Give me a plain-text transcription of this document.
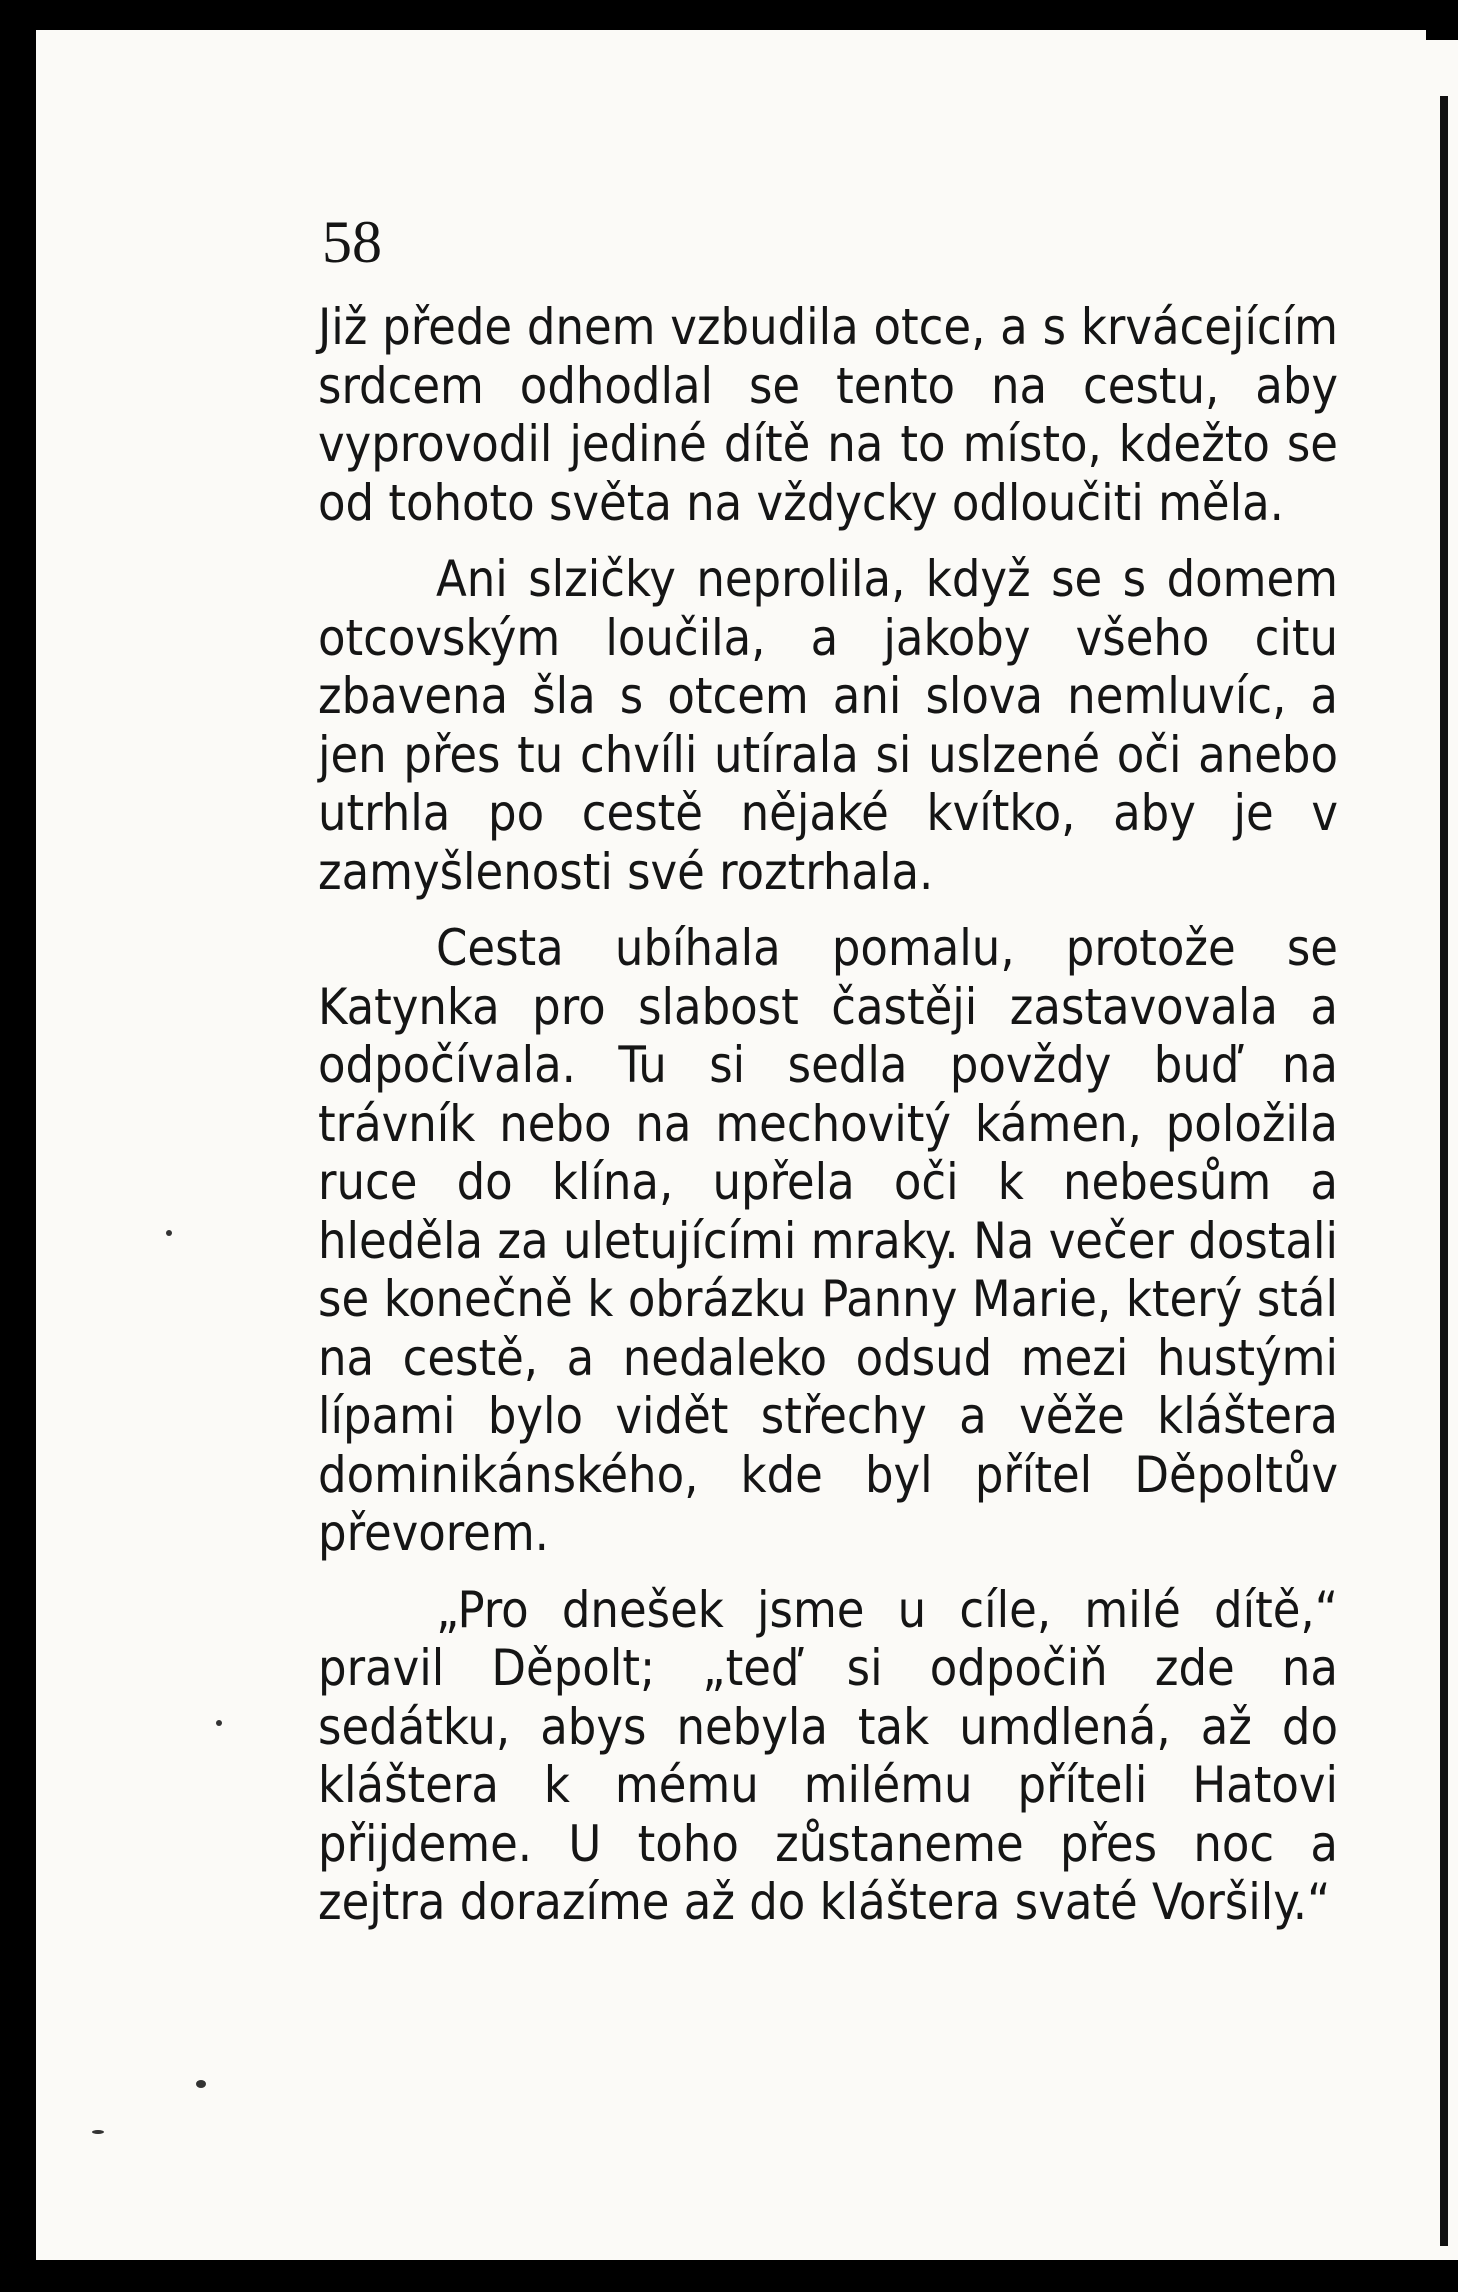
58

Již přede dnem vzbudila otce, a s krvácejícím srdcem odhodlal se tento na cestu, aby vyprovodil jediné dítě na to místo, kdežto se od tohoto světa na vždycky odloučiti měla.

Ani slzičky neprolila, když se s domem otcovským loučila, a jakoby všeho citu zbavena šla s otcem ani slova nemluvíc, a jen přes tu chvíli utírala si uslzené oči anebo utrhla po cestě nějaké kvítko, aby je v zamyšlenosti své roztrhala.

Cesta ubíhala pomalu, protože se Katynka pro slabost častěji zastavovala a odpočívala. Tu si sedla povždy buď na trávník nebo na mechovitý kámen, položila ruce do klína, upřela oči k nebesům a hleděla za uletujícími mraky. Na večer dostali se konečně k obrázku Panny Marie, který stál na cestě, a nedaleko odsud mezi hustými lípami bylo vidět střechy a věže kláštera dominikánského, kde byl přítel Děpoltův převorem.

„Pro dnešek jsme u cíle, milé dítě,“ pravil Děpolt; „teď si odpočiň zde na sedátku, abys nebyla tak umdlená, až do kláštera k mému milému příteli Hatovi přijdeme. U toho zůstaneme přes noc a zejtra dorazíme až do kláštera svaté Voršily.“
